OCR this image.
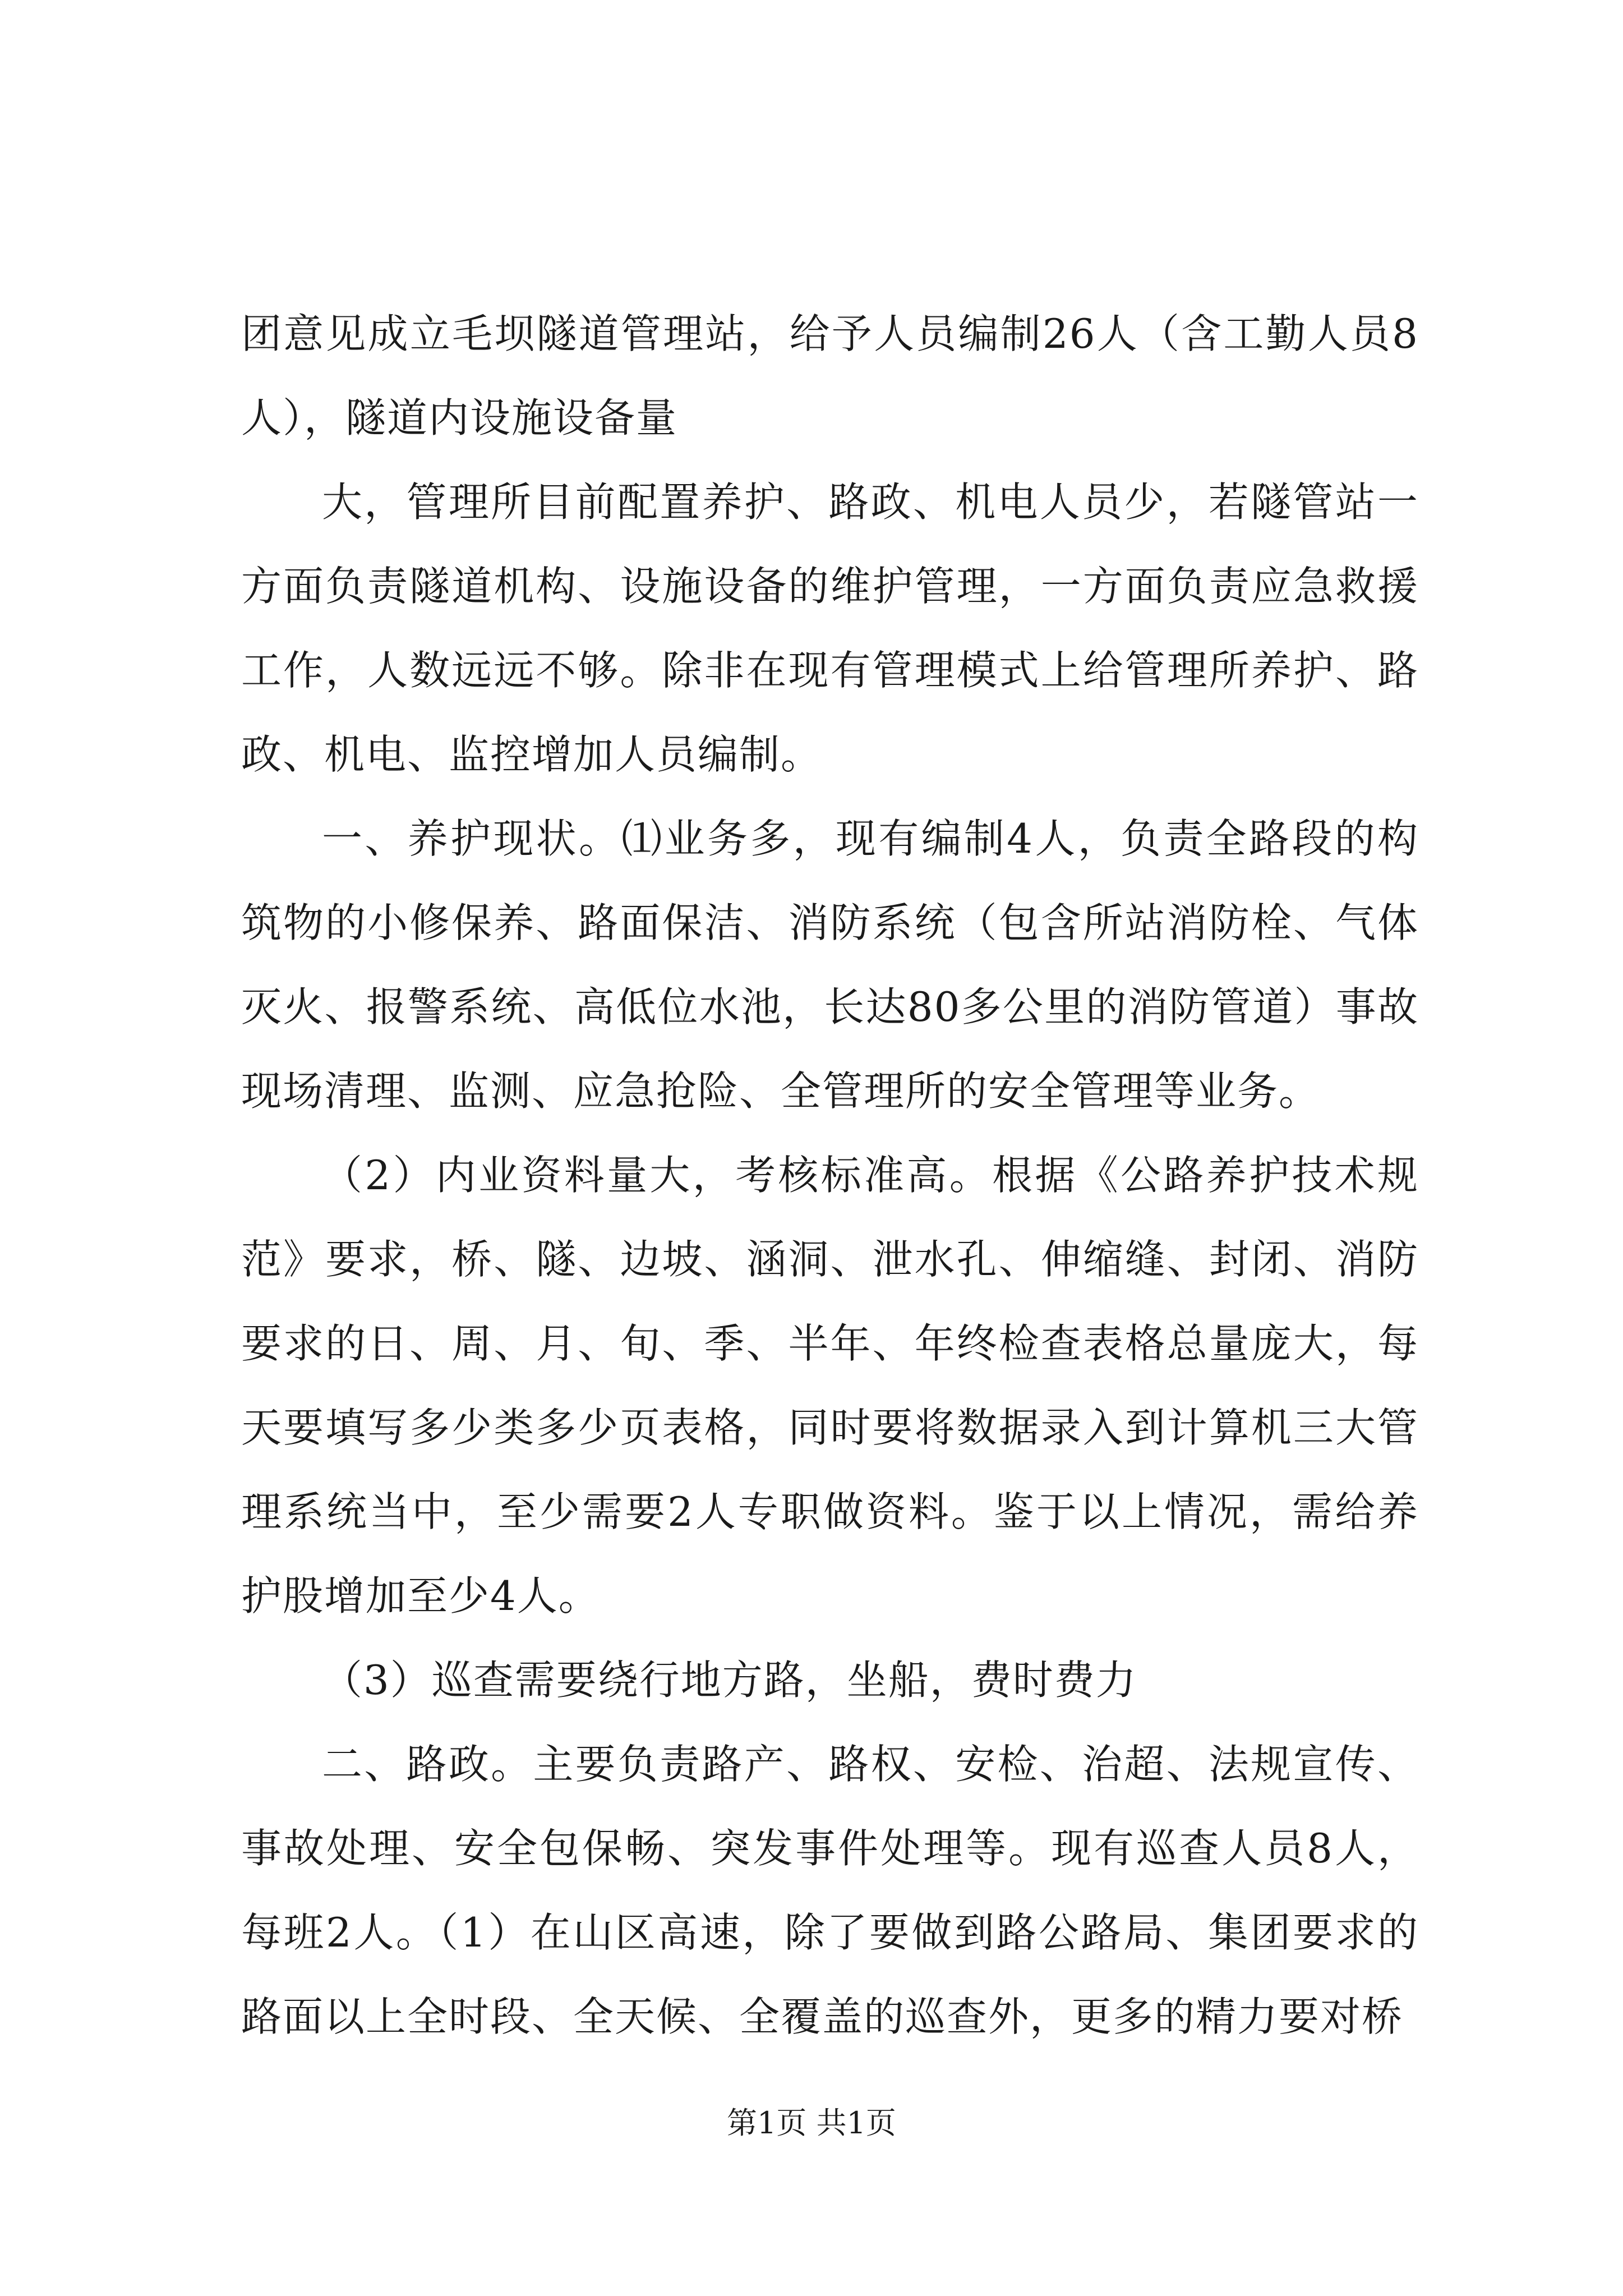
团意见成立毛坝隧道管理站，给予人员编制26人（含工勤人员8人），隧道内设施设备量

大，管理所目前配置养护、路政、机电人员少，若隧管站一方面负责隧道机构、设施设备的维护管理，一方面负责应急救援工作，人数远远不够。除非在现有管理模式上给管理所养护、路政、机电、监控增加人员编制。

一、养护现状。⑴业务多，现有编制4人，负责全路段的构筑物的小修保养、路面保洁、消防系统（包含所站消防栓、气体灭火、报警系统、高低位水池，长达80多公里的消防管道）事故现场清理、监测、应急抢险、全管理所的安全管理等业务。

（2）内业资料量大，考核标准高。根据《公路养护技术规范》要求，桥、隧、边坡、涵洞、泄水孔、伸缩缝、封闭、消防要求的日、周、月、旬、季、半年、年终检查表格总量庞大，每天要填写多少类多少页表格，同时要将数据录入到计算机三大管理系统当中，至少需要2人专职做资料。鉴于以上情况，需给养护股增加至少4人。

（3）巡查需要绕行地方路，坐船，费时费力

二、路政。主要负责路产、路权、安检、治超、法规宣传、事故处理、安全包保畅、突发事件处理等。现有巡查人员8人，每班2人。（1）在山区高速，除了要做到路公路局、集团要求的路面以上全时段、全天候、全覆盖的巡查外，更多的精力要对桥

第1页 共1页
